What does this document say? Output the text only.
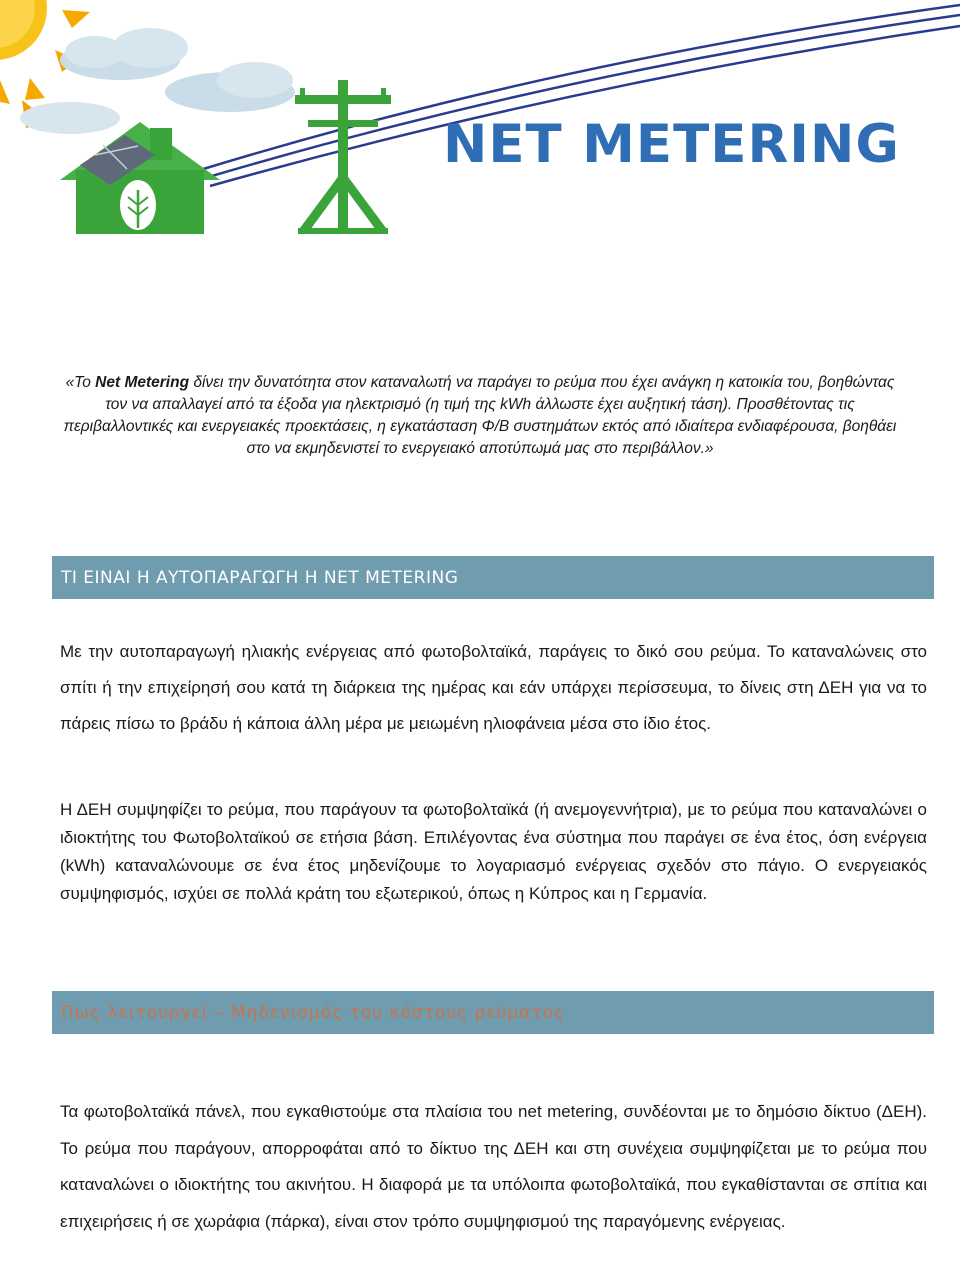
NET METERING
«Το Net Metering δίνει την δυνατότητα στον καταναλωτή να παράγει το ρεύμα που έχει ανάγκη η κατοικία του, βοηθώντας τον να απαλλαγεί από τα έξοδα για ηλεκτρισμό (η τιμή της kWh άλλωστε έχει αυξητική τάση). Προσθέτοντας τις περιβαλλοντικές και ενεργειακές προεκτάσεις, η εγκατάσταση Φ/Β συστημάτων εκτός από ιδιαίτερα ενδιαφέρουσα, βοηθάει στο να εκμηδενιστεί το ενεργειακό αποτύπωμά μας στο περιβάλλον.»
ΤΙ ΕΙΝΑΙ Η ΑΥΤΟΠΑΡΑΓΩΓΗ Η NET METERING
Με την αυτοπαραγωγή ηλιακής ενέργειας από φωτοβολταϊκά, παράγεις το δικό σου ρεύμα. Το καταναλώνεις στο σπίτι ή την επιχείρησή σου κατά τη διάρκεια της ημέρας και εάν υπάρχει περίσσευμα, το δίνεις στη ΔΕΗ για να το πάρεις πίσω το βράδυ ή κάποια άλλη μέρα με μειωμένη ηλιοφάνεια μέσα στο ίδιο έτος.
Η ΔΕΗ συμψηφίζει το ρεύμα, που παράγουν τα φωτοβολταϊκά (ή ανεμογεννήτρια), με το ρεύμα που καταναλώνει ο ιδιοκτήτης του Φωτοβολταϊκού σε ετήσια βάση. Επιλέγοντας ένα σύστημα που παράγει σε ένα έτος, όση ενέργεια (kWh) καταναλώνουμε σε ένα έτος μηδενίζουμε το λογαριασμό ενέργειας σχεδόν στο πάγιο. Ο ενεργειακός συμψηφισμός, ισχύει σε πολλά κράτη του εξωτερικού, όπως η Κύπρος και η Γερμανία.
Πως λειτουργεί – Μηδενισμός του κόστους ρεύματος
Τα φωτοβολταϊκά πάνελ, που εγκαθιστούμε στα πλαίσια του net metering, συνδέονται με το δημόσιο δίκτυο (ΔΕΗ). Το ρεύμα που παράγουν, απορροφάται από το δίκτυο της ΔΕΗ και στη συνέχεια συμψηφίζεται με το ρεύμα που καταναλώνει ο ιδιοκτήτης του ακινήτου. Η διαφορά με τα υπόλοιπα φωτοβολταϊκά, που εγκαθίστανται σε σπίτια και επιχειρήσεις ή σε χωράφια (πάρκα), είναι στον τρόπο συμψηφισμού της παραγόμενης ενέργειας.
